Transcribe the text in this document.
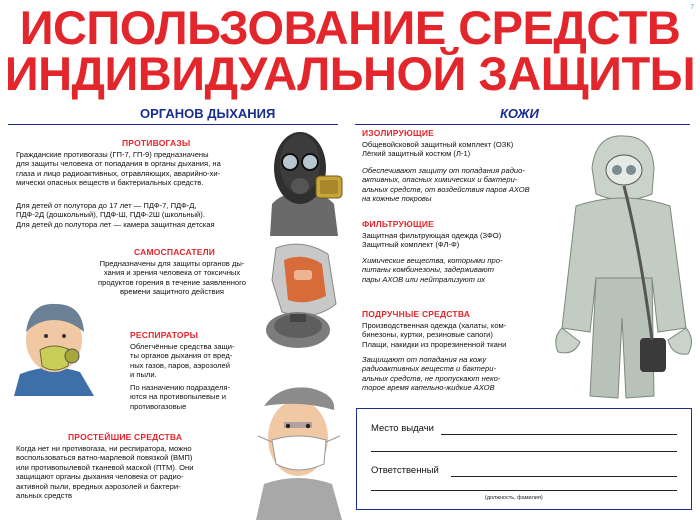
7
ИСПОЛЬЗОВАНИЕ СРЕДСТВ
ИНДИВИДУАЛЬНОЙ ЗАЩИТЫ
ОРГАНОВ ДЫХАНИЯ	КОЖИ
ПРОТИВОГАЗЫ
Гражданские противогазы (ГП-7, ГП-9) предназначены
для защиты человека от попадания в органы дыхания, на
глаза и лицо радиоактивных, отравляющих, аварийно-хи-
мически опасных веществ и бактериальных средств.
Для детей от полутора до 17 лет — ПДФ-7, ПДФ-Д,
ПДФ-2Д (дошкольный), ПДФ-Ш, ПДФ-2Ш (школьный).
Для детей до полутора лет — камера защитная детская
САМОСПАСАТЕЛИ
Предназначены для защиты органов ды-
хания и зрения человека от токсичных
продуктов горения в течение заявленного
времени защитного действия
РЕСПИРАТОРЫ
Облегчённые средства защи-
ты органов дыхания от вред-
ных газов, паров, аэрозолей
и пыли.
По назначению подразделя-
ются на противопылевые и
противогазовые
ПРОСТЕЙШИЕ СРЕДСТВА
Когда нет ни противогаза, ни респиратора, можно
воспользоваться ватно-марлевой повязкой (ВМП)
или противопылевой тканевой маской (ПТМ). Они
защищают органы дыхания человека от радио-
активной пыли, вредных аэрозолей и бактери-
альных средств
ИЗОЛИРУЮЩИЕ
Общевойсковой защитный комплект (ОЗК)
Лёгкий защитный костюм (Л-1)
Обеспечивают защиту от попадания радио-
активных, опасных химических и бактери-
альных средств, от воздействия паров АХОВ
на кожные покровы
ФИЛЬТРУЮЩИЕ
Защитная фильтрующая одежда (ЗФО)
Защитный комплект (ФЛ-Ф)
Химические вещества, которыми про-
питаны комбинезоны, задерживают
пары АХОВ или нейтрализуют их
ПОДРУЧНЫЕ СРЕДСТВА
Производственная одежда (халаты, ком-
бинезоны, куртки, резиновые сапоги)
Плащи, накидки из прорезиненной ткани
Защищают от попадания на кожу
радиоактивных веществ и бактери-
альных средств, не пропускают неко-
торое время капельно-жидкие АХОВ
Место выдачи
Ответственный
(должность, фамилия)
